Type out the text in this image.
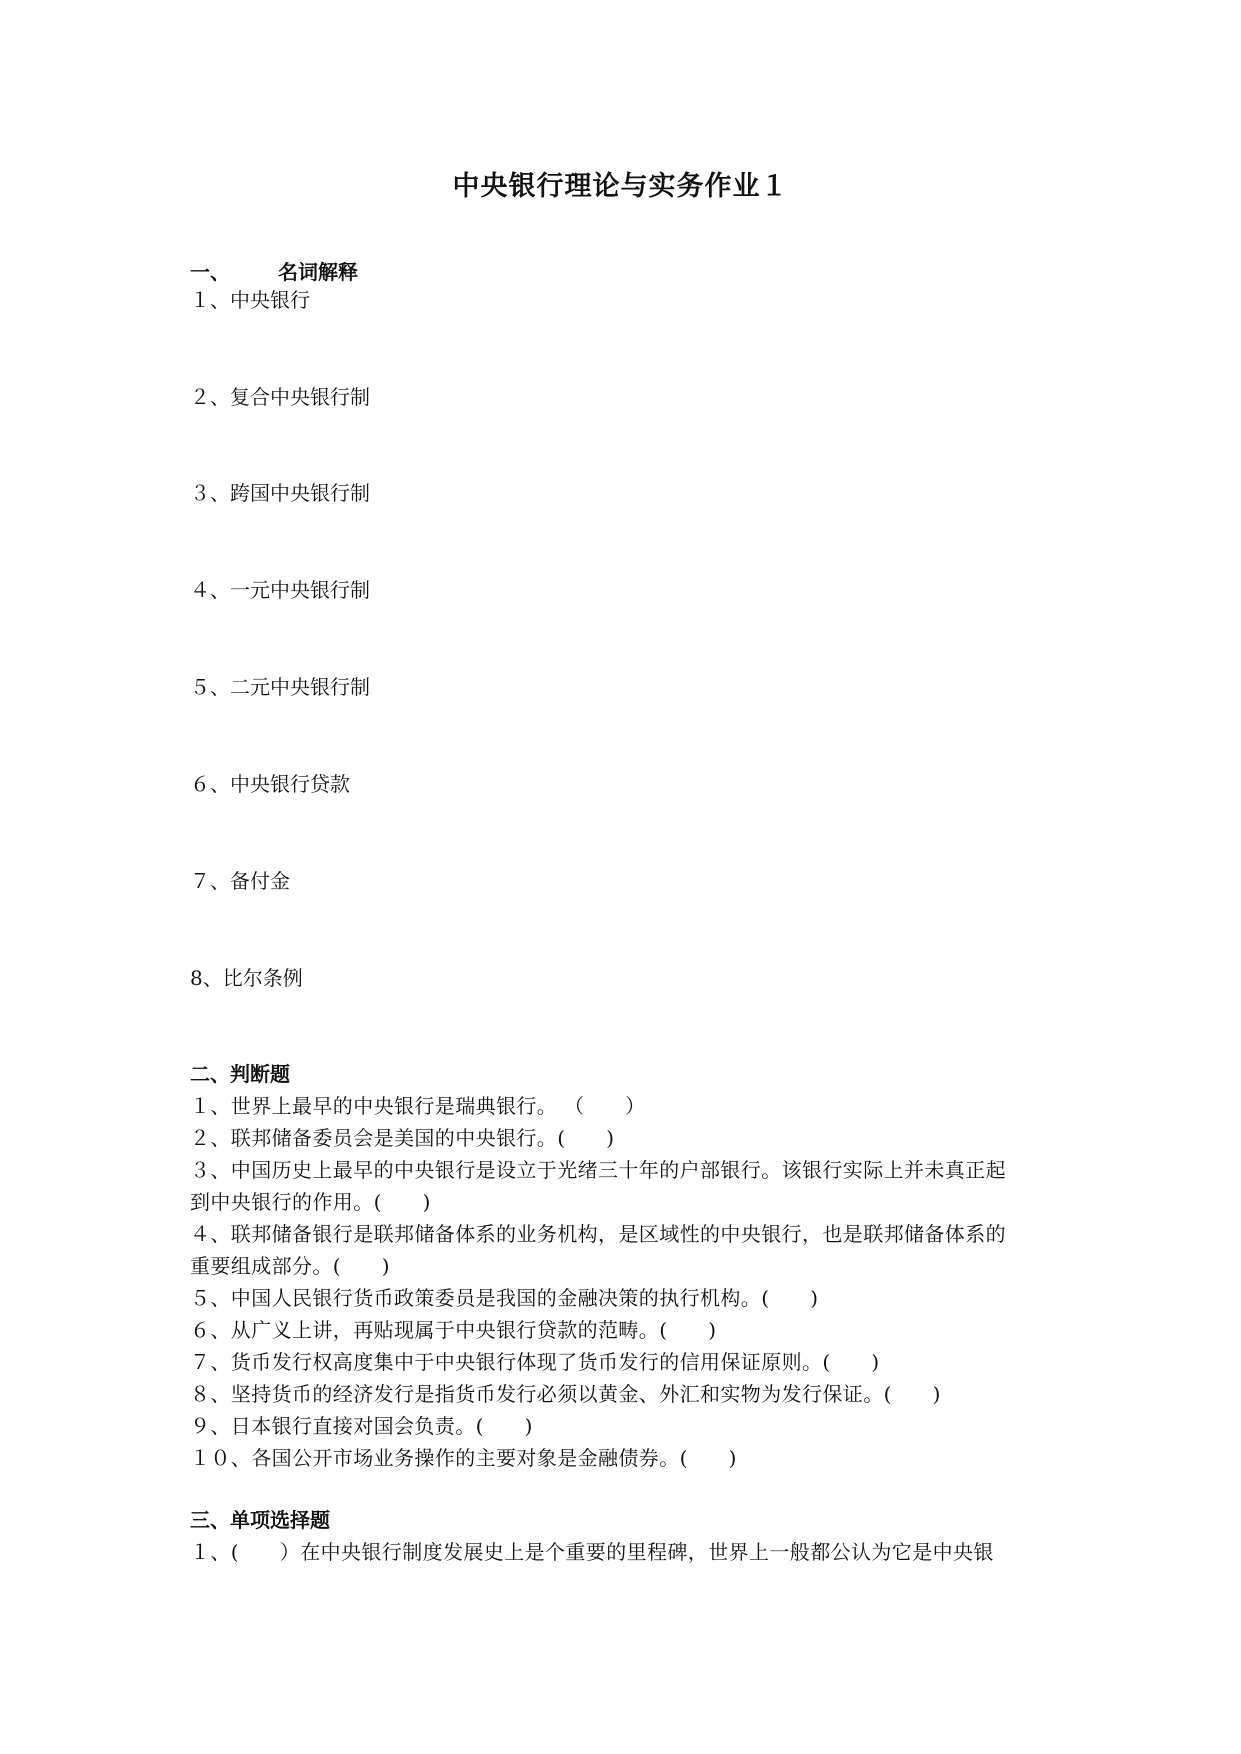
中央银行理论与实务作业１
一、 名词解释
１、中央银行
２、复合中央银行制
３、跨国中央银行制
４、一元中央银行制
５、二元中央银行制
６、中央银行贷款
７、备付金
8、比尔条例
二、判断题
１、世界上最早的中央银行是瑞典银行。 （　　）
２、联邦储备委员会是美国的中央银行。(　　)
３、中国历史上最早的中央银行是设立于光绪三十年的户部银行。该银行实际上并未真正起
到中央银行的作用。(　　)
４、联邦储备银行是联邦储备体系的业务机构，是区域性的中央银行，也是联邦储备体系的
重要组成部分。(　　)
５、中国人民银行货币政策委员是我国的金融决策的执行机构。(　　)
６、从广义上讲，再贴现属于中央银行贷款的范畴。(　　)
７、货币发行权高度集中于中央银行体现了货币发行的信用保证原则。(　　)
８、坚持货币的经济发行是指货币发行必须以黄金、外汇和实物为发行保证。(　　)
９、日本银行直接对国会负责。(　　)
１０、各国公开市场业务操作的主要对象是金融债券。(　　)
三、单项选择题
１、(　　）在中央银行制度发展史上是个重要的里程碑，世界上一般都公认为它是中央银
